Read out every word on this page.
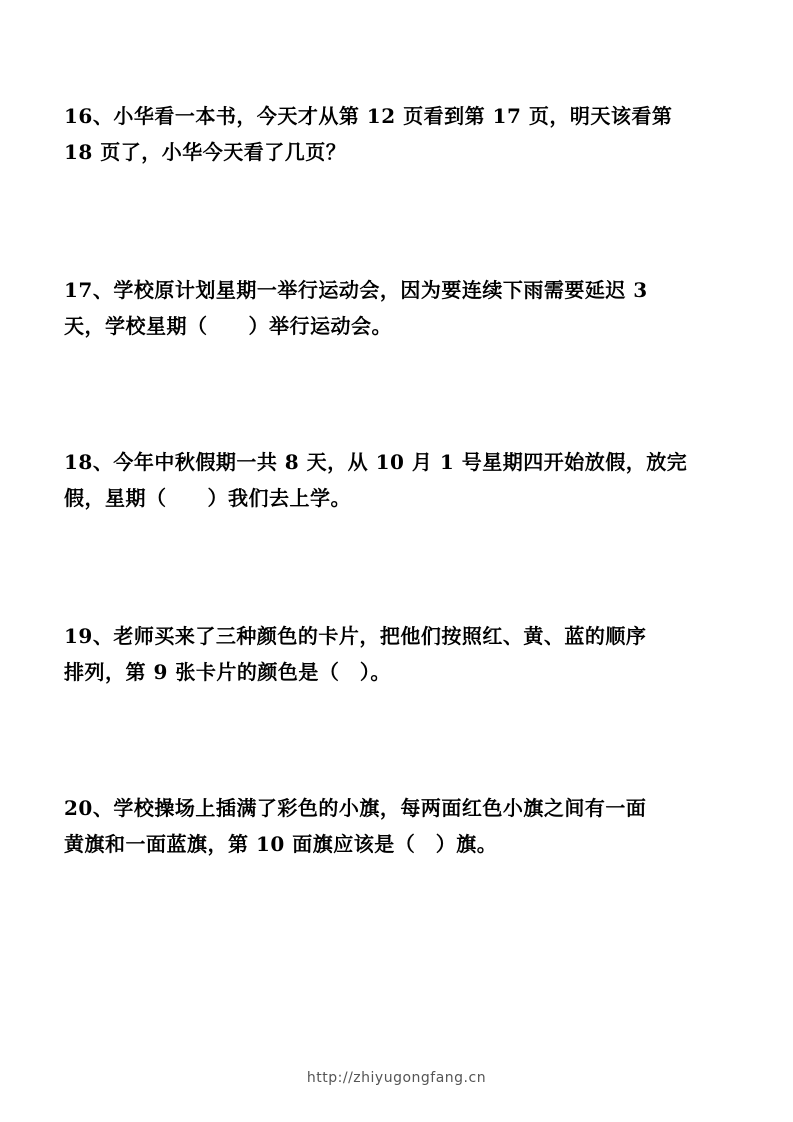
16、小华看一本书，今天才从第 12 页看到第 17 页，明天该看第
18 页了，小华今天看了几页？
17、学校原计划星期一举行运动会，因为要连续下雨需要延迟 3
天，学校星期（　　）举行运动会。
18、今年中秋假期一共 8 天，从 10 月 1 号星期四开始放假，放完
假，星期（　　）我们去上学。
19、老师买来了三种颜色的卡片，把他们按照红、黄、蓝的顺序
排列，第 9 张卡片的颜色是（　）。
20、学校操场上插满了彩色的小旗，每两面红色小旗之间有一面
黄旗和一面蓝旗，第 10 面旗应该是（　）旗。
http://zhiyugongfang.cn
